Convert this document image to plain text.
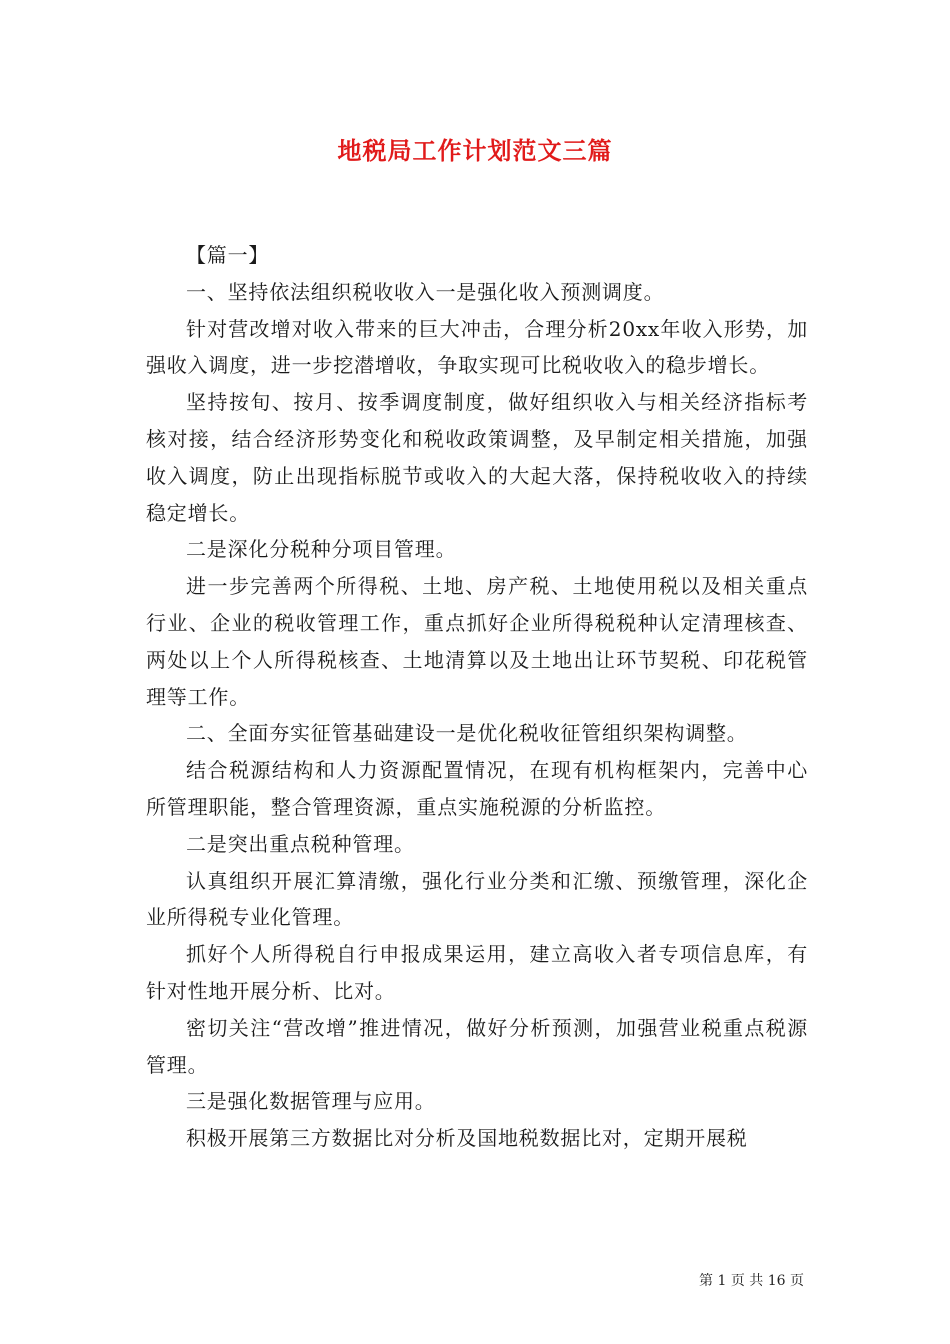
地税局工作计划范文三篇

【篇一】

一、坚持依法组织税收收入一是强化收入预测调度。

针对营改增对收入带来的巨大冲击，合理分析20xx年收入形势，加强收入调度，进一步挖潜增收，争取实现可比税收收入的稳步增长。

坚持按旬、按月、按季调度制度，做好组织收入与相关经济指标考核对接，结合经济形势变化和税收政策调整，及早制定相关措施，加强收入调度，防止出现指标脱节或收入的大起大落，保持税收收入的持续稳定增长。

二是深化分税种分项目管理。

进一步完善两个所得税、土地、房产税、土地使用税以及相关重点行业、企业的税收管理工作，重点抓好企业所得税税种认定清理核查、两处以上个人所得税核查、土地清算以及土地出让环节契税、印花税管理等工作。

二、全面夯实征管基础建设一是优化税收征管组织架构调整。

结合税源结构和人力资源配置情况，在现有机构框架内，完善中心所管理职能，整合管理资源，重点实施税源的分析监控。

二是突出重点税种管理。

认真组织开展汇算清缴，强化行业分类和汇缴、预缴管理，深化企业所得税专业化管理。

抓好个人所得税自行申报成果运用，建立高收入者专项信息库，有针对性地开展分析、比对。

密切关注“营改增”推进情况，做好分析预测，加强营业税重点税源管理。

三是强化数据管理与应用。

积极开展第三方数据比对分析及国地税数据比对，定期开展税

第 1 页 共 16 页
